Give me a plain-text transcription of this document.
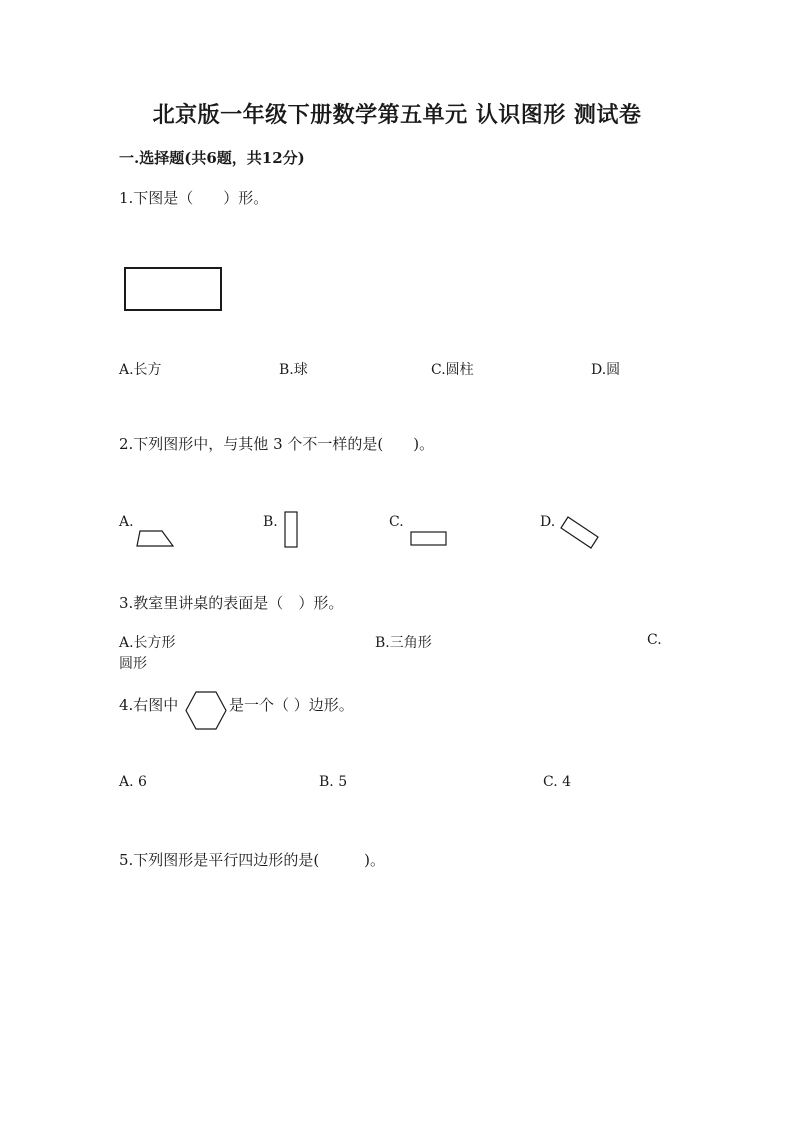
北京版一年级下册数学第五单元 认识图形 测试卷
一.选择题(共6题，共12分)
1.下图是（　　）形。
A.长方	B.球	C.圆柱	D.圆
2.下列图形中，与其他 3 个不一样的是(　　)。
A.	B.	C.	D.
3.教室里讲桌的表面是（　）形。
A.长方形	B.三角形	C.
圆形
4.右图中	是一个（ ）边形。
A. 6	B. 5	C. 4
5.下列图形是平行四边形的是(　　　)。
